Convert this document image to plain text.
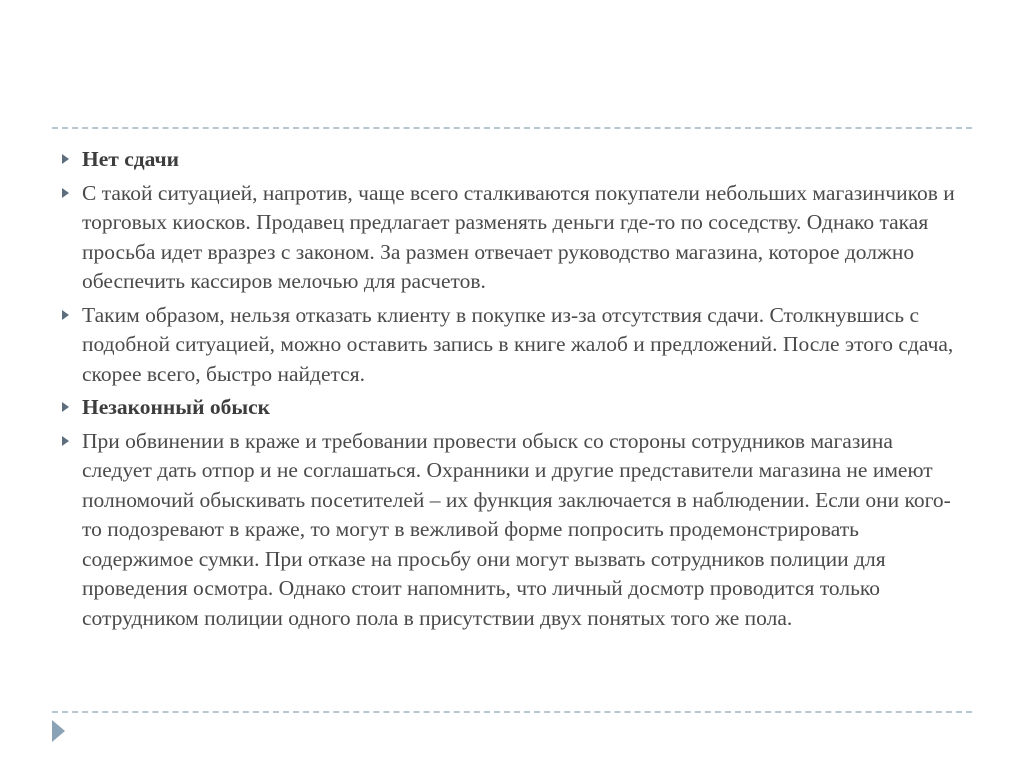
Нет сдачи
С такой ситуацией, напротив, чаще всего сталкиваются покупатели небольших магазинчиков и торговых киосков. Продавец предлагает разменять деньги где-то по соседству. Однако такая просьба идет вразрез с законом. За размен отвечает руководство магазина, которое должно обеспечить кассиров мелочью для расчетов.
Таким образом, нельзя отказать клиенту в покупке из-за отсутствия сдачи. Столкнувшись с подобной ситуацией, можно оставить запись в книге жалоб и предложений. После этого сдача, скорее всего, быстро найдется.
Незаконный обыск
При обвинении в краже и требовании провести обыск со стороны сотрудников магазина следует дать отпор и не соглашаться. Охранники и другие представители магазина не имеют полномочий обыскивать посетителей – их функция заключается в наблюдении. Если они кого-то подозревают в краже, то могут в вежливой форме попросить продемонстрировать содержимое сумки. При отказе на просьбу они могут вызвать сотрудников полиции для проведения осмотра. Однако стоит напомнить, что личный досмотр проводится только сотрудником полиции одного пола в присутствии двух понятых того же пола.
